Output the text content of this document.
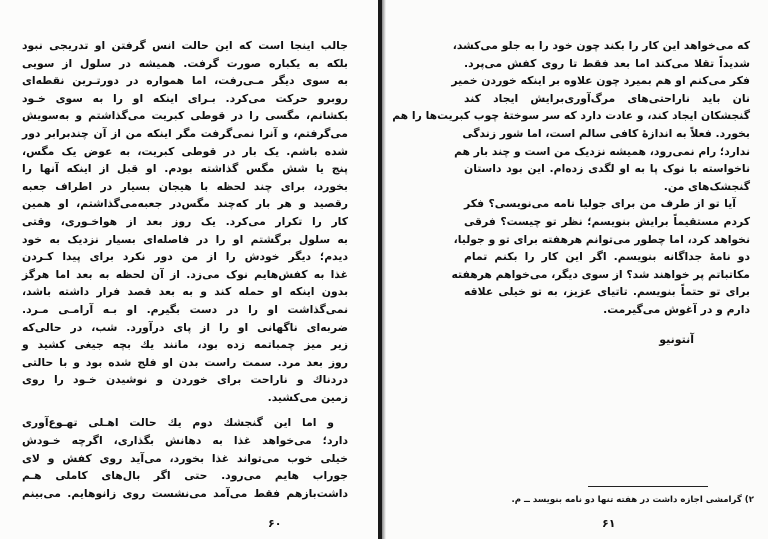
که می‌خواهد این کار را بکند چون خود را به جلو می‌کشد،
شدیداً تقلا می‌کند اما بعد فقط تا روی کفش می‌پرد.
فکر می‌کنم او هم بمیرد چون علاوه بر اینکه خوردن خمیر
نان باید ناراحتی‌های مرگ‌آوری‌برایش ایجاد کند
گنجشکان ایجاد کند، و عادت دارد که سر سوختهٔ چوب کبریت‌ها را هم
بخورد. فعلاً به اندازهٔ کافی سالم است، اما شور زندگی
ندارد؛ رام نمی‌رود، همیشه نزدیک من است و چند بار هم
ناخواسته با نوک پا به او لگدی زده‌ام. این بود داستان
گنجشک‌های من.
آیا تو از طرف من برای جولیا نامه می‌نویسی؟ فکر
کردم مستقیماً برایش بنویسم؛ نظر تو چیست؟ فرقی
نخواهد کرد، اما چطور می‌توانم هرهفته برای تو و جولیا،
دو نامهٔ جداگانه بنویسم. اگر این کار را بکنم تمام
مکاتباتم پر خواهند شد؟ از سوی دیگر، می‌خواهم هرهفته
برای تو حتماً بنویسم. تاتیای عزیز، به تو خیلی علاقه
دارم و در آغوش می‌گیرمت.
آنتونیو
۲) گرامشی اجازه داشت در هفته تنها دو نامه بنویسد ــ م.
۶۱
جالب اینجا است که این حالت انس گرفتن او تدریجی نبود
بلکه به یکباره صورت گرفت. همیشه در سلول از سویی
به سوی دیگر مـی‌رفت، اما همواره در دورتـرین نقطه‌ای
روبرو حرکت می‌کرد. بـرای اینکه او را به سوی خـود
بکشانم، مگسی را در قوطی کبریت می‌گذاشتم و به‌سویش
می‌گرفتم، و آنرا نمی‌گرفت مگر اینکه من از آن چندبرابر دور
شده باشم. یک بار در قوطی کبریت، به عوض یک مگس،
پنج یا شش مگس گذاشته بودم. او قبل از اینکه آنها را
بخورد، برای چند لحظه با هیجان بسیار در اطراف جعبه
رقصید و هر بار که‌چند مگس‌در جعبه‌می‌گذاشتم، او همین
کار را تکرار می‌کرد. یک روز بعد از هواخـوری، وقتی
به سلول برگشتم او را در فاصله‌ای بسیار نزدیک به خود
دیدم؛ دیگر خودش را از من دور نکرد برای پیدا کـردن
غذا به کفش‌هایم نوک می‌زد. از آن لحظه به بعد اما هرگز
بدون اینکه او حمله کند و به بعد قصد فرار داشته باشد،
نمی‌گذاشت او را در دست بگیرم. او بـه آرامـی مـرد.
ضربه‌ای ناگهانی او را از پای درآورد. شب، در حالی‌که
زیر میز چمباتمه زده بود، مانند یك بچه جیغی کشید و
روز بعد مرد. سمت راست بدن او فلج شده بود و با حالتی
دردناك و ناراحت برای خوردن و نوشیدن خـود را روی
زمین می‌کشید.
و اما این گنجشك دوم یك حالت اهـلی تهـوع‌آوری
دارد؛ می‌خواهد غذا به دهانش بگذاری، اگرچه خـودش
خیلی خوب می‌تواند غذا بخورد، می‌آید روی کفش و لای
جوراب هایم می‌رود. حتی اگر بال‌های کاملی هـم
داشت‌بازهم فقط می‌آمد می‌نشست روی زانوهایم. می‌بینم
۶۰
